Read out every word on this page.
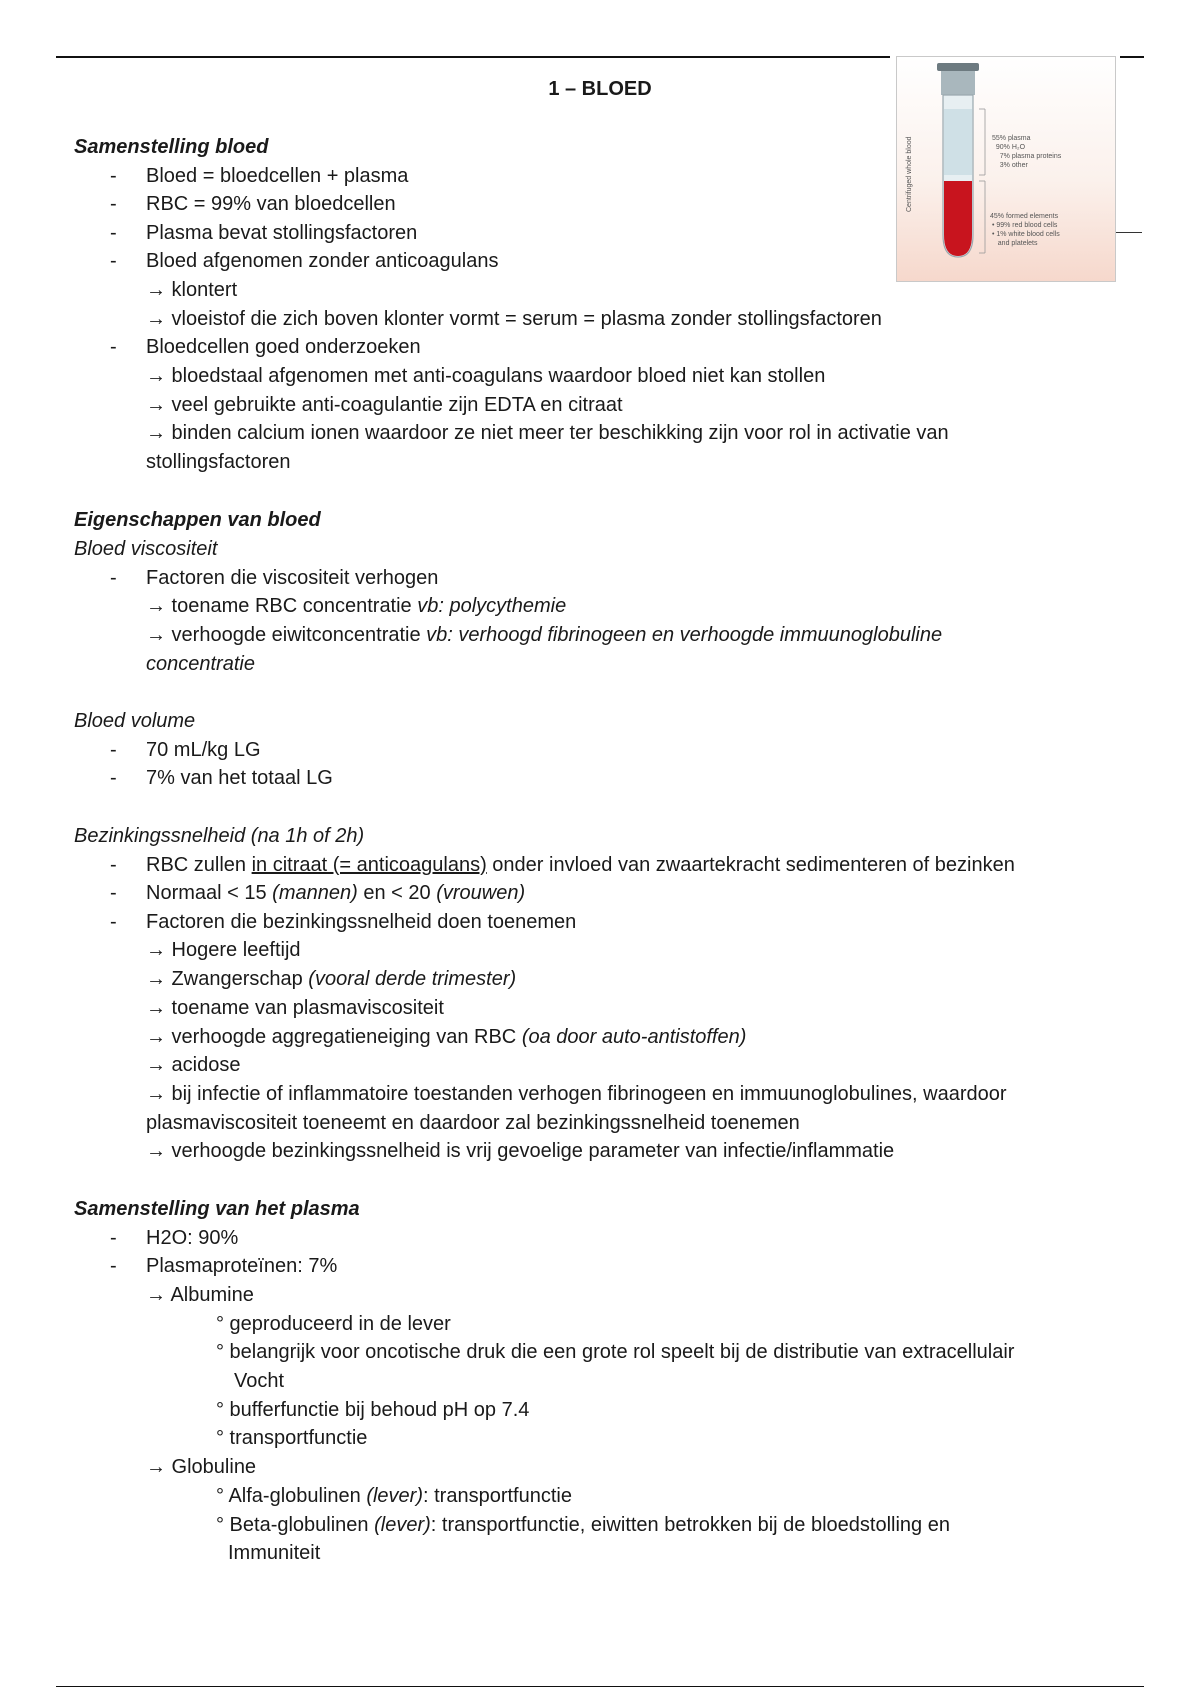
1 – BLOED
Centrifuged whole blood	55% plasma
90% H₂O
7% plasma proteins
3% other
45% formed elements
• 99% red blood cells
• 1% white blood cells
and platelets
Samenstelling bloed
-	Bloed = bloedcellen + plasma
-	RBC = 99% van bloedcellen
-	Plasma bevat stollingsfactoren
-	Bloed afgenomen zonder anticoagulans
→ klontert
→ vloeistof die zich boven klonter vormt = serum = plasma zonder stollingsfactoren
-	Bloedcellen goed onderzoeken
→ bloedstaal afgenomen met anti-coagulans waardoor bloed niet kan stollen
→ veel gebruikte anti-coagulantie zijn EDTA en citraat
→ binden calcium ionen waardoor ze niet meer ter beschikking zijn voor rol in activatie van
stollingsfactoren
Eigenschappen van bloed
Bloed viscositeit
-	Factoren die viscositeit verhogen
→ toename RBC concentratie vb: polycythemie
→ verhoogde eiwitconcentratie vb: verhoogd fibrinogeen en verhoogde immuunoglobuline
concentratie
Bloed volume
-	70 mL/kg LG
-	7% van het totaal LG
Bezinkingssnelheid (na 1h of 2h)
-	RBC zullen in citraat (= anticoagulans) onder invloed van zwaartekracht sedimenteren of bezinken
-	Normaal < 15 (mannen) en < 20 (vrouwen)
-	Factoren die bezinkingssnelheid doen toenemen
→ Hogere leeftijd
→ Zwangerschap (vooral derde trimester)
→ toename van plasmaviscositeit
→ verhoogde aggregatieneiging van RBC (oa door auto-antistoffen)
→ acidose
→ bij infectie of inflammatoire toestanden verhogen fibrinogeen en immuunoglobulines, waardoor
plasmaviscositeit toeneemt en daardoor zal bezinkingssnelheid toenemen
→ verhoogde bezinkingssnelheid is vrij gevoelige parameter van infectie/inflammatie
Samenstelling van het plasma
-	H2O: 90%
-	Plasmaproteïnen: 7%
→ Albumine
° geproduceerd in de lever
° belangrijk voor oncotische druk die een grote rol speelt bij de distributie van extracellulair
Vocht
° bufferfunctie bij behoud pH op 7.4
° transportfunctie
→ Globuline
° Alfa-globulinen (lever): transportfunctie
° Beta-globulinen (lever): transportfunctie, eiwitten betrokken bij de bloedstolling en
Immuniteit
